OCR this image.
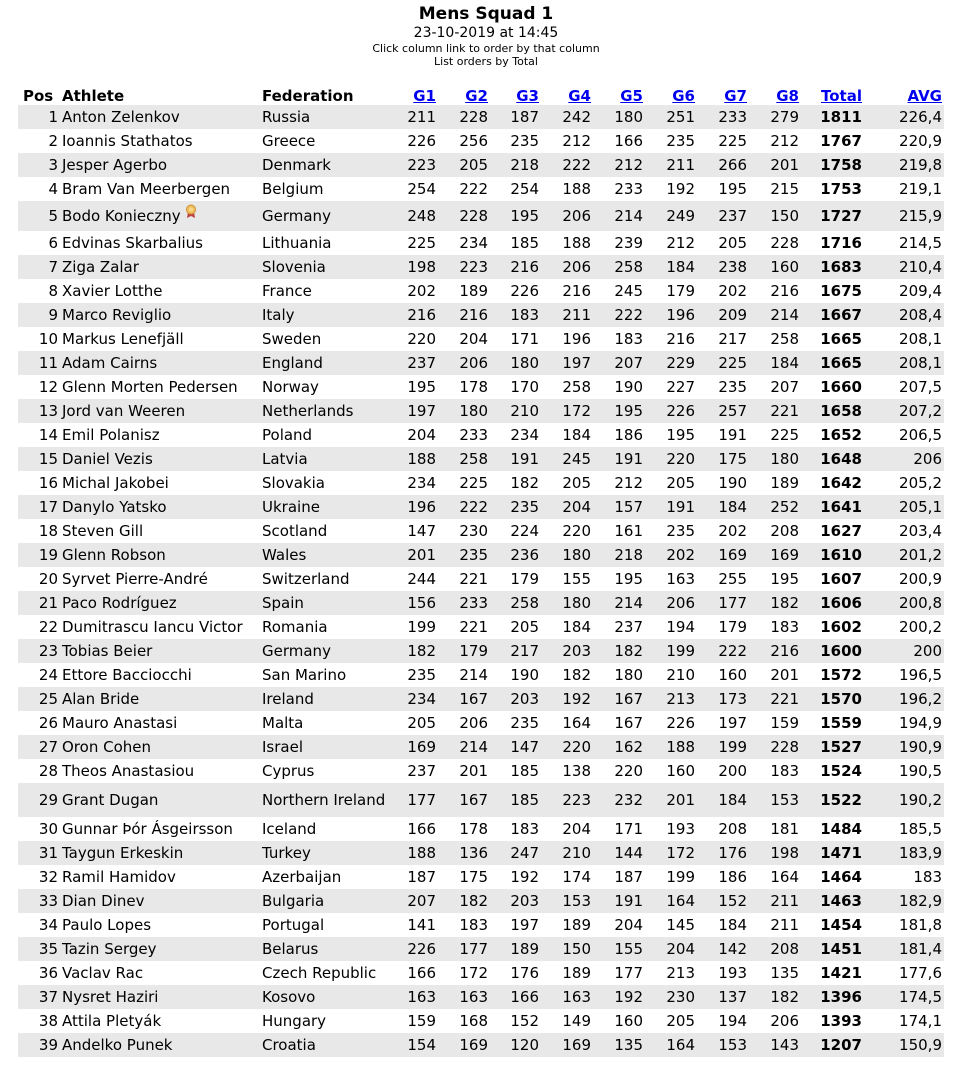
Mens Squad 1
23-10-2019 at 14:45
Click column link to order by that column
List orders by Total
Pos	Athlete	Federation	G1	G2	G3	G4	G5	G6	G7	G8	Total	AVG
1	Anton Zelenkov	Russia	211	228	187	242	180	251	233	279	1811	226,4
2	Ioannis Stathatos	Greece	226	256	235	212	166	235	225	212	1767	220,9
3	Jesper Agerbo	Denmark	223	205	218	222	212	211	266	201	1758	219,8
4	Bram Van Meerbergen	Belgium	254	222	254	188	233	192	195	215	1753	219,1
5	Bodo Konieczny	Germany	248	228	195	206	214	249	237	150	1727	215,9
6	Edvinas Skarbalius	Lithuania	225	234	185	188	239	212	205	228	1716	214,5
7	Ziga Zalar	Slovenia	198	223	216	206	258	184	238	160	1683	210,4
8	Xavier Lotthe	France	202	189	226	216	245	179	202	216	1675	209,4
9	Marco Reviglio	Italy	216	216	183	211	222	196	209	214	1667	208,4
10	Markus Lenefjäll	Sweden	220	204	171	196	183	216	217	258	1665	208,1
11	Adam Cairns	England	237	206	180	197	207	229	225	184	1665	208,1
12	Glenn Morten Pedersen	Norway	195	178	170	258	190	227	235	207	1660	207,5
13	Jord van Weeren	Netherlands	197	180	210	172	195	226	257	221	1658	207,2
14	Emil Polanisz	Poland	204	233	234	184	186	195	191	225	1652	206,5
15	Daniel Vezis	Latvia	188	258	191	245	191	220	175	180	1648	206
16	Michal Jakobei	Slovakia	234	225	182	205	212	205	190	189	1642	205,2
17	Danylo Yatsko	Ukraine	196	222	235	204	157	191	184	252	1641	205,1
18	Steven Gill	Scotland	147	230	224	220	161	235	202	208	1627	203,4
19	Glenn Robson	Wales	201	235	236	180	218	202	169	169	1610	201,2
20	Syrvet Pierre-André	Switzerland	244	221	179	155	195	163	255	195	1607	200,9
21	Paco Rodríguez	Spain	156	233	258	180	214	206	177	182	1606	200,8
22	Dumitrascu Iancu Victor	Romania	199	221	205	184	237	194	179	183	1602	200,2
23	Tobias Beier	Germany	182	179	217	203	182	199	222	216	1600	200
24	Ettore Bacciocchi	San Marino	235	214	190	182	180	210	160	201	1572	196,5
25	Alan Bride	Ireland	234	167	203	192	167	213	173	221	1570	196,2
26	Mauro Anastasi	Malta	205	206	235	164	167	226	197	159	1559	194,9
27	Oron Cohen	Israel	169	214	147	220	162	188	199	228	1527	190,9
28	Theos Anastasiou	Cyprus	237	201	185	138	220	160	200	183	1524	190,5
29	Grant Dugan	Northern Ireland	177	167	185	223	232	201	184	153	1522	190,2
30	Gunnar Þór Ásgeirsson	Iceland	166	178	183	204	171	193	208	181	1484	185,5
31	Taygun Erkeskin	Turkey	188	136	247	210	144	172	176	198	1471	183,9
32	Ramil Hamidov	Azerbaijan	187	175	192	174	187	199	186	164	1464	183
33	Dian Dinev	Bulgaria	207	182	203	153	191	164	152	211	1463	182,9
34	Paulo Lopes	Portugal	141	183	197	189	204	145	184	211	1454	181,8
35	Tazin Sergey	Belarus	226	177	189	150	155	204	142	208	1451	181,4
36	Vaclav Rac	Czech Republic	166	172	176	189	177	213	193	135	1421	177,6
37	Nysret Haziri	Kosovo	163	163	166	163	192	230	137	182	1396	174,5
38	Attila Pletyák	Hungary	159	168	152	149	160	205	194	206	1393	174,1
39	Andelko Punek	Croatia	154	169	120	169	135	164	153	143	1207	150,9
